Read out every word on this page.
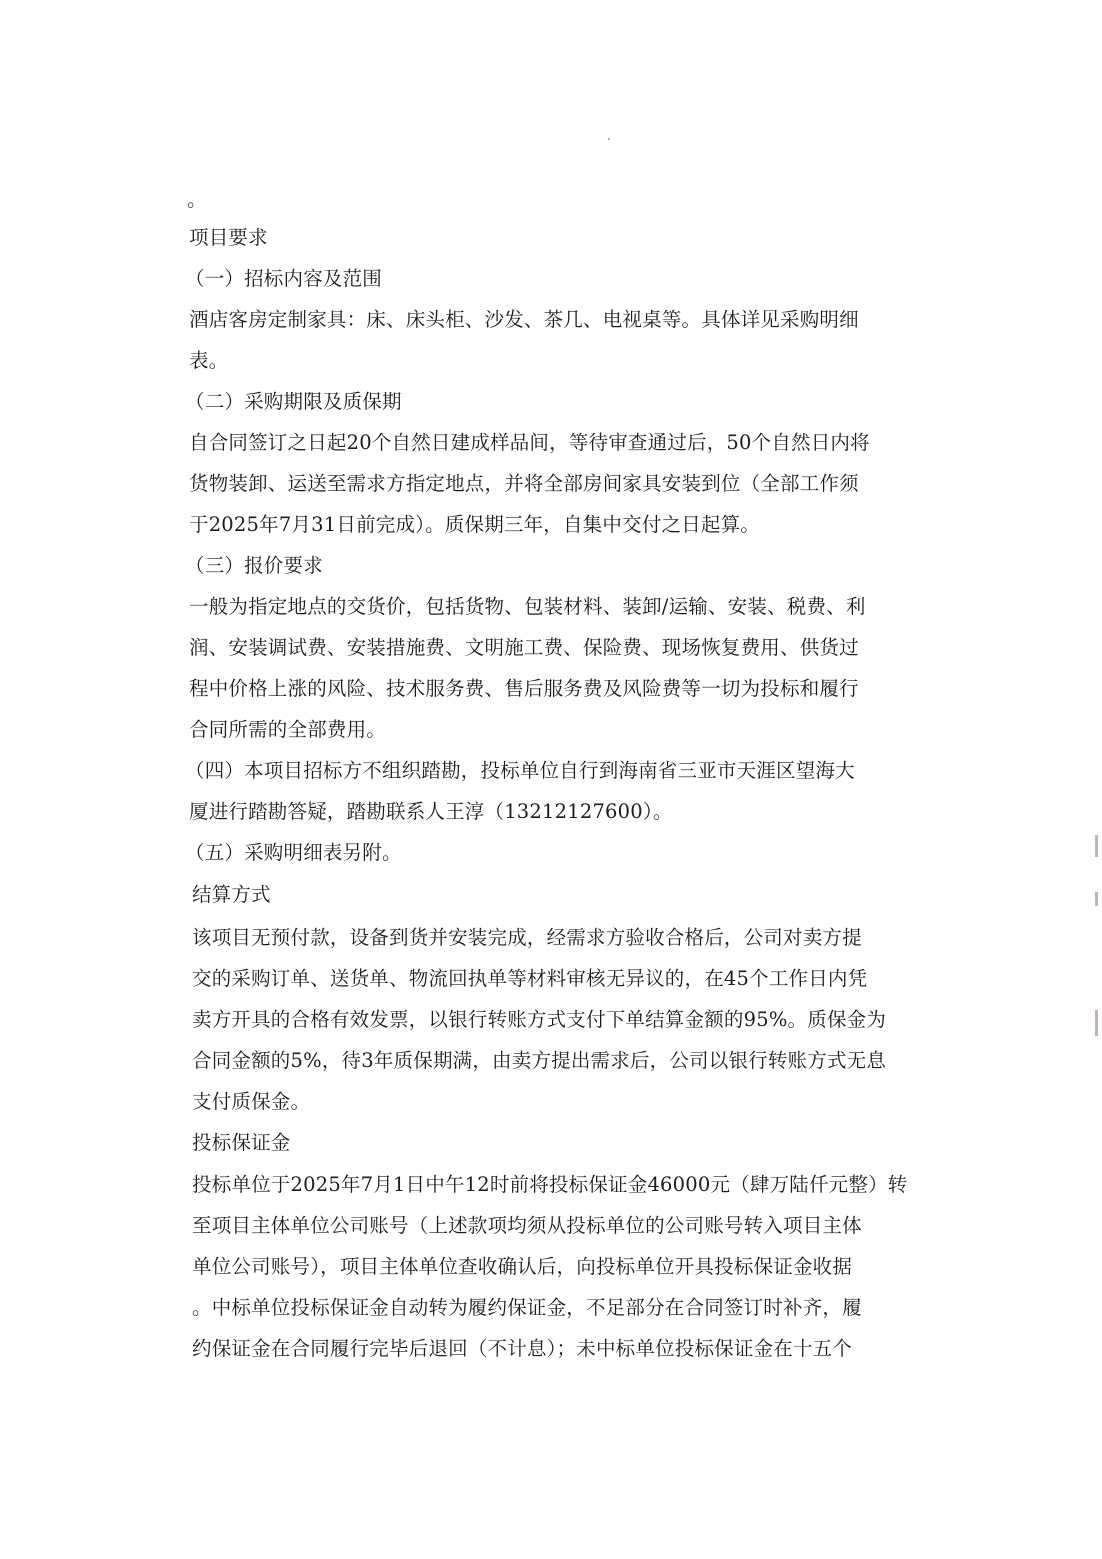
。
项目要求
（一）招标内容及范围
酒店客房定制家具：床、床头柜、沙发、茶几、电视桌等。具体详见采购明细
表。
（二）采购期限及质保期
自合同签订之日起20个自然日建成样品间，等待审查通过后，50个自然日内将
货物装卸、运送至需求方指定地点，并将全部房间家具安装到位（全部工作须
于2025年7月31日前完成）。质保期三年，自集中交付之日起算。
（三）报价要求
一般为指定地点的交货价，包括货物、包装材料、装卸/运输、安装、税费、利
润、安装调试费、安装措施费、文明施工费、保险费、现场恢复费用、供货过
程中价格上涨的风险、技术服务费、售后服务费及风险费等一切为投标和履行
合同所需的全部费用。
（四）本项目招标方不组织踏勘，投标单位自行到海南省三亚市天涯区望海大
厦进行踏勘答疑，踏勘联系人王淳（13212127600）。
（五）采购明细表另附。
结算方式
该项目无预付款，设备到货并安装完成，经需求方验收合格后，公司对卖方提
交的采购订单、送货单、物流回执单等材料审核无异议的，在45个工作日内凭
卖方开具的合格有效发票，以银行转账方式支付下单结算金额的95%。质保金为
合同金额的5%，待3年质保期满，由卖方提出需求后，公司以银行转账方式无息
支付质保金。
投标保证金
投标单位于2025年7月1日中午12时前将投标保证金46000元（肆万陆仟元整）转
至项目主体单位公司账号（上述款项均须从投标单位的公司账号转入项目主体
单位公司账号），项目主体单位查收确认后，向投标单位开具投标保证金收据
。中标单位投标保证金自动转为履约保证金，不足部分在合同签订时补齐，履
约保证金在合同履行完毕后退回（不计息）；未中标单位投标保证金在十五个
